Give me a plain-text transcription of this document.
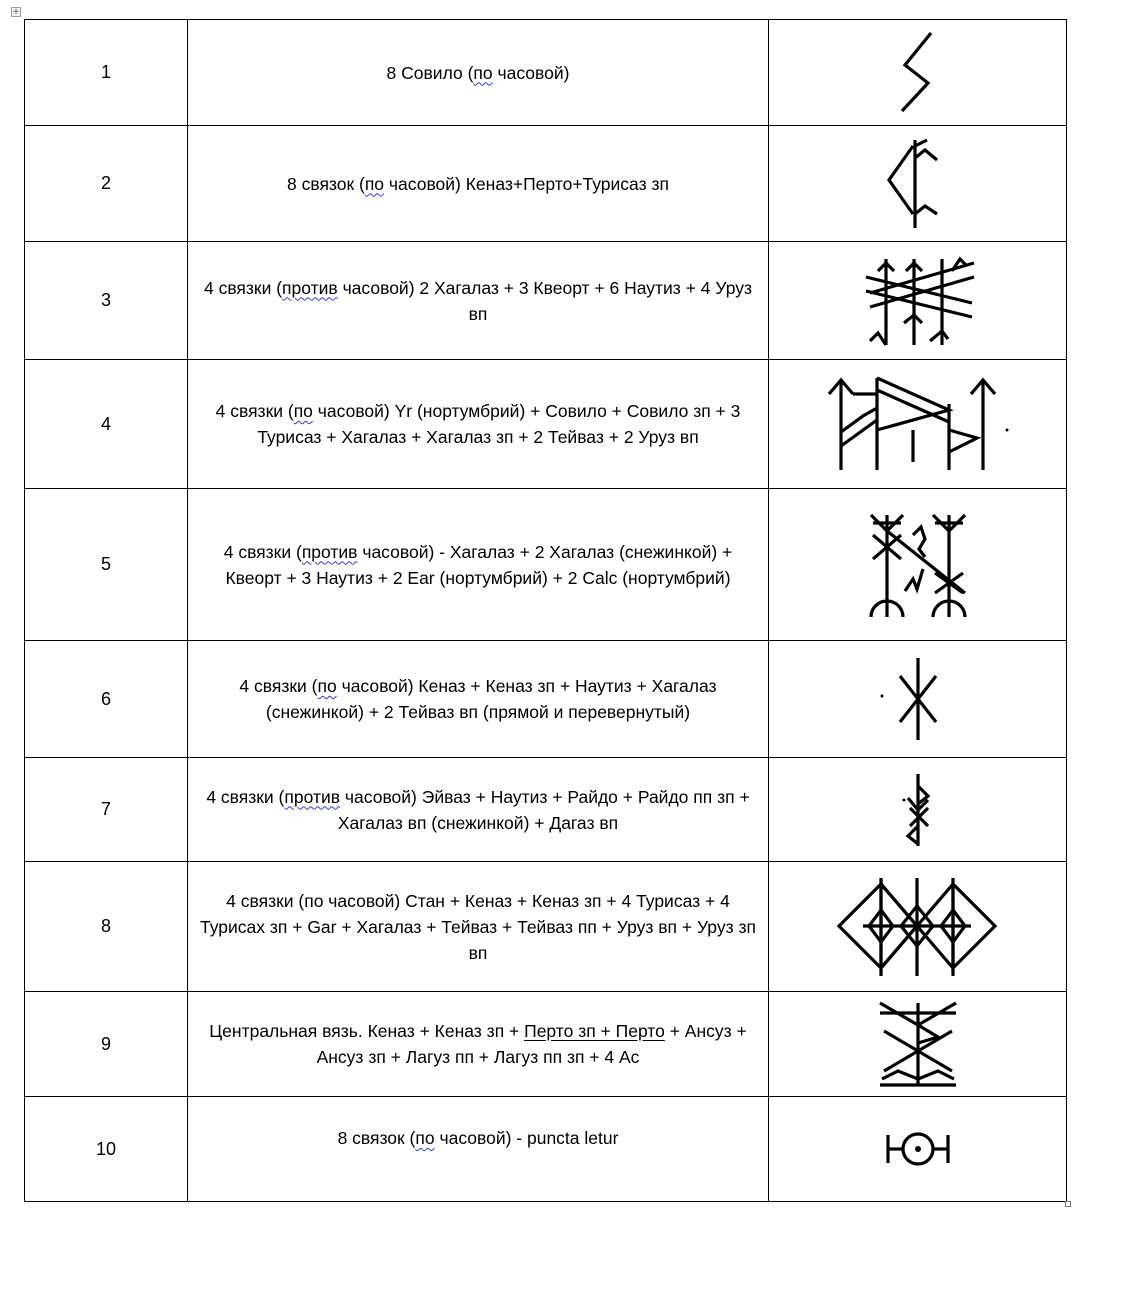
+
1	8 Совило (по часовой)	

2	8 связок (по часовой) Кеназ+Перто+Турисаз зп	

3	4 связки (против часовой) 2 Хагалаз + 3 Квеорт + 6 Наутиз + 4 Уруз вп	

4	4 связки (по часовой) Yr (нортумбрий) + Совило + Совило зп + 3 Турисаз + Хагалаз + Хагалаз зп + 2 Тейваз + 2 Уруз вп	

5	4 связки (против часовой) - Хагалаз + 2 Хагалаз (снежинкой) + Квеорт + 3 Наутиз + 2 Ear (нортумбрий) + 2 Calc (нортумбрий)	

6	4 связки (по часовой) Кеназ + Кеназ зп + Наутиз + Хагалаз (снежинкой) + 2 Тейваз вп (прямой и перевернутый)	

7	4 связки (против часовой) Эйваз + Наутиз + Райдо + Райдо пп зп + Хагалаз вп (снежинкой) + Дагаз вп	

8	4 связки (по часовой) Стан + Кеназ + Кеназ зп + 4 Турисаз + 4 Турисах зп + Gar + Хагалаз + Тейваз + Тейваз пп + Уруз вп + Уруз зп вп	

9	Центральная вязь. Кеназ + Кеназ зп + Перто зп + Перто + Ансуз + Ансуз зп + Лагуз пп + Лагуз пп зп + 4 Ас	

10	8 связок (по часовой) - puncta letur	
